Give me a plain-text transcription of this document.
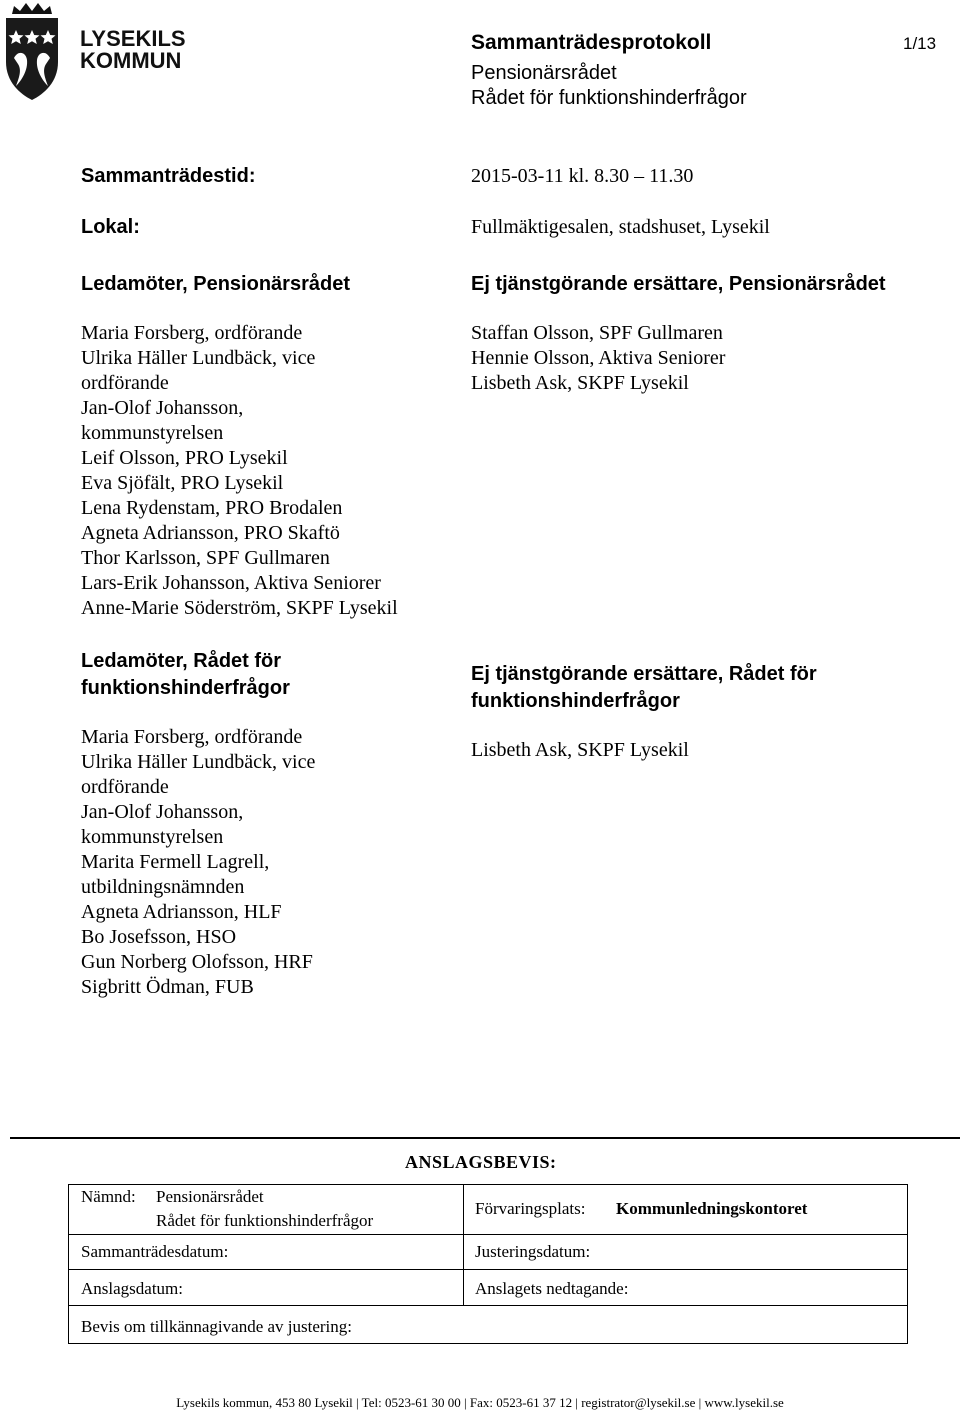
LYSEKILS
KOMMUN
Sammanträdesprotokoll	1/13
Pensionärsrådet
Rådet för funktionshinderfrågor
Sammanträdestid:	2015-03-11 kl. 8.30 – 11.30
Lokal:	Fullmäktigesalen, stadshuset, Lysekil
Ledamöter, Pensionärsrådet
Maria Forsberg, ordförande
Ulrika Häller Lundbäck, vice
ordförande
Jan-Olof Johansson,
kommunstyrelsen
Leif Olsson, PRO Lysekil
Eva Sjöfält, PRO Lysekil
Lena Rydenstam, PRO Brodalen
Agneta Adriansson, PRO Skaftö
Thor Karlsson, SPF Gullmaren
Lars-Erik Johansson, Aktiva Seniorer
Anne-Marie Söderström, SKPF Lysekil
Ej tjänstgörande ersättare, Pensionärsrådet
Staffan Olsson, SPF Gullmaren
Hennie Olsson, Aktiva Seniorer
Lisbeth Ask, SKPF Lysekil
Ledamöter, Rådet för
funktionshinderfrågor
Maria Forsberg, ordförande
Ulrika Häller Lundbäck, vice
ordförande
Jan-Olof Johansson,
kommunstyrelsen
Marita Fermell Lagrell,
utbildningsnämnden
Agneta Adriansson, HLF
Bo Josefsson, HSO
Gun Norberg Olofsson, HRF
Sigbritt Ödman, FUB
Ej tjänstgörande ersättare, Rådet för
funktionshinderfrågor
Lisbeth Ask, SKPF Lysekil
ANSLAGSBEVIS:
Nämnd: Pensionärsrådet
Rådet för funktionshinderfrågor
Förvaringsplats: Kommunledningskontoret
Sammanträdesdatum:	Justeringsdatum:
Anslagsdatum:	Anslagets nedtagande:
Bevis om tillkännagivande av justering:
Lysekils kommun, 453 80 Lysekil | Tel: 0523-61 30 00 | Fax: 0523-61 37 12 | registrator@lysekil.se | www.lysekil.se
